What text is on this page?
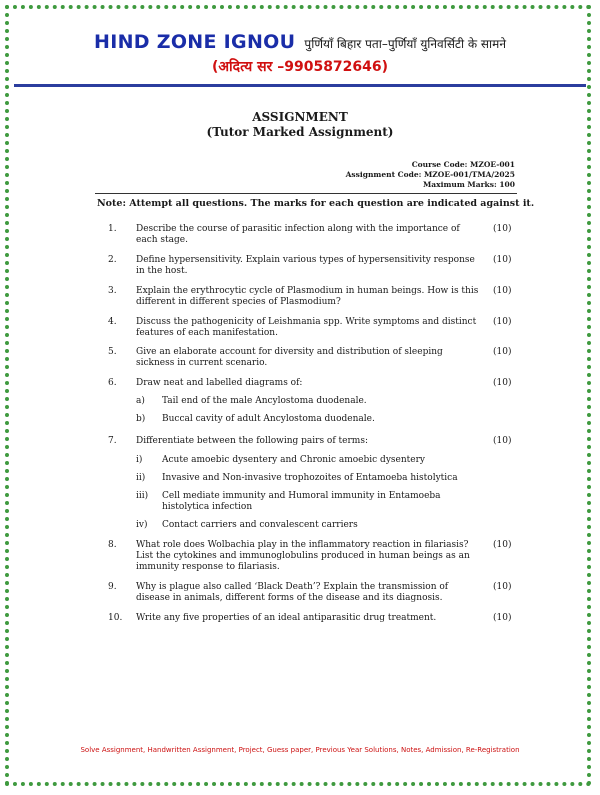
HIND ZONE IGNOU पुर्णियाँ बिहार पता–पुर्णियाँ युनिवर्सिटी के सामने
(अदित्य सर –9905872646)
ASSIGNMENT
(Tutor Marked Assignment)
Course Code: MZOE-001
Assignment Code: MZOE-001/TMA/2025
Maximum Marks: 100
Note: Attempt all questions. The marks for each question are indicated against it.
1. Describe the course of parasitic infection along with the importance of each stage.
(10)
2. Define hypersensitivity. Explain various types of hypersensitivity response in the host.
(10)
3. Explain the erythrocytic cycle of Plasmodium in human beings. How is this different in different species of Plasmodium?
(10)
4. Discuss the pathogenicity of Leishmania spp. Write symptoms and distinct features of each manifestation.
(10)
5. Give an elaborate account for diversity and distribution of sleeping sickness in current scenario.
(10)
6. Draw neat and labelled diagrams of:	(10)
a) Tail end of the male Ancylostoma duodenale.
b) Buccal cavity of adult Ancylostoma duodenale.
7. Differentiate between the following pairs of terms:	(10)
i) Acute amoebic dysentery and Chronic amoebic dysentery
ii) Invasive and Non-invasive trophozoites of Entamoeba histolytica
iii) Cell mediate immunity and Humoral immunity in Entamoeba histolytica infection
iv) Contact carriers and convalescent carriers
8. What role does Wolbachia play in the inflammatory reaction in filariasis? List the cytokines and immunoglobulins produced in human beings as an immunity response to filariasis.
(10)
9. Why is plague also called ‘Black Death’? Explain the transmission of disease in animals, different forms of the disease and its diagnosis.
(10)
10. Write any five properties of an ideal antiparasitic drug treatment.	(10)
Solve Assignment, Handwritten Assignment, Project, Guess paper, Previous Year Solutions, Notes, Admission, Re-Registration
